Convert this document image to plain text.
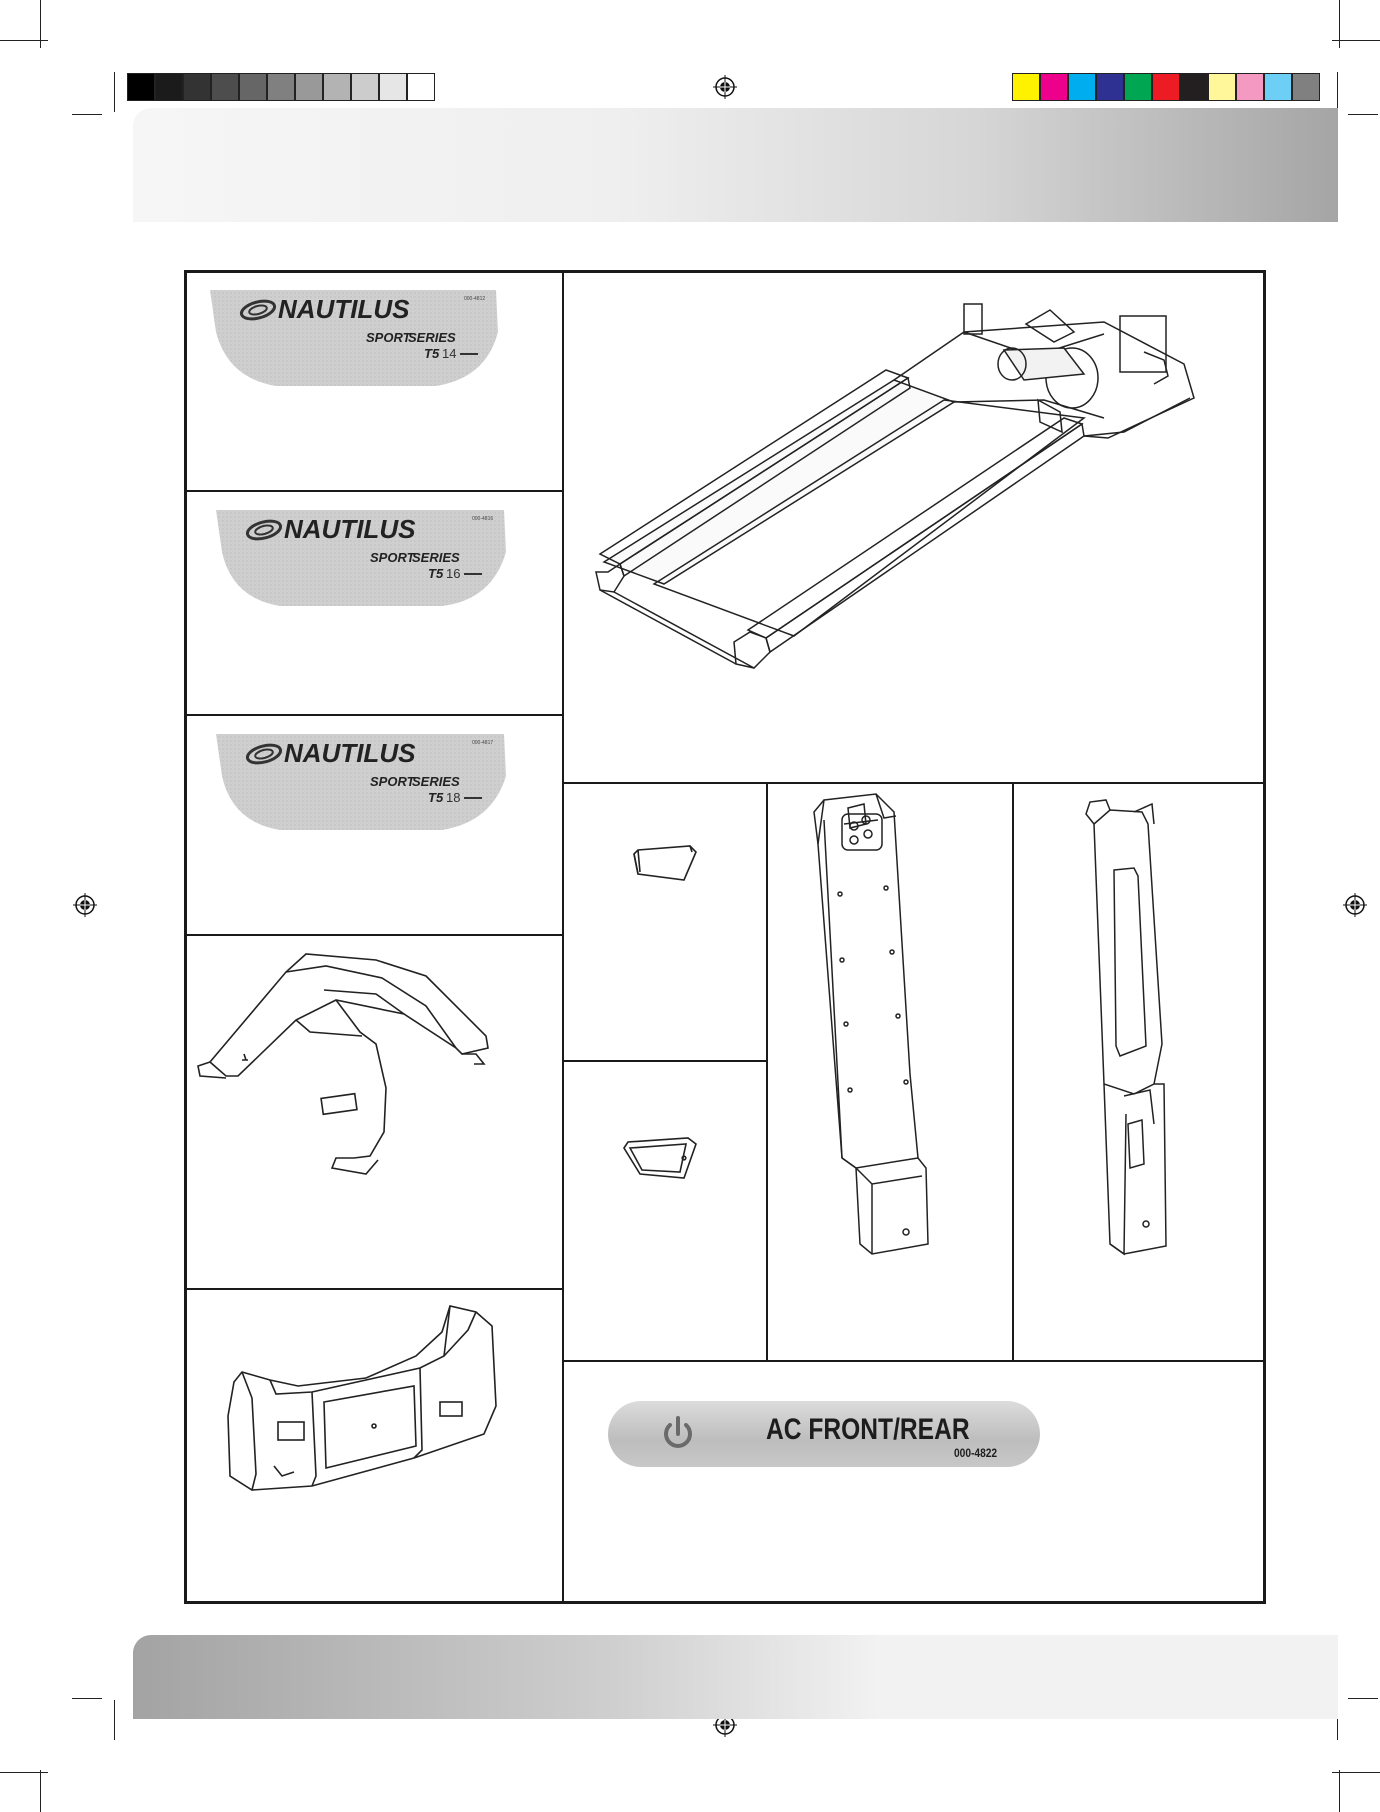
NAUTILUS
SPORT
SERIES
T5 14
000-4812
NAUTILUS
SPORT
SERIES
T5 16
000-4816
NAUTILUS
SPORT
SERIES
T5 18
000-4817
AC FRONT/REAR
000-4822
